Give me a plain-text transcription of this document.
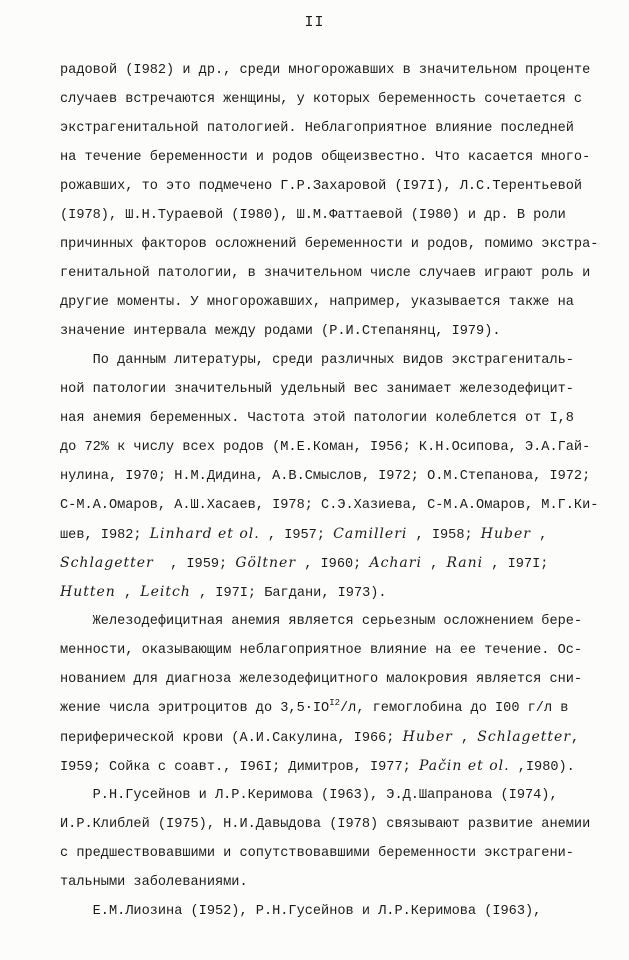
II
радовой (I982) и др., среди многорожавших в значительном проценте
случаев встречаются женщины, у которых беременность сочетается с
экстрагенитальной патологией. Неблагоприятное влияние последней
на течение беременности и родов общеизвестно. Что касается много-
рожавших, то это подмечено Г.Р.Захаровой (I97I), Л.С.Терентьевой
(I978), Ш.Н.Тураевой (I980), Ш.М.Фаттаевой (I980) и др. В роли
причинных факторов осложнений беременности и родов, помимо экстра-
генитальной патологии, в значительном числе случаев играют роль и
другие моменты. У многорожавших, например, указывается также на
значение интервала между родами (Р.И.Степанянц, I979).
По данным литературы, среди различных видов экстрагениталь-
ной патологии значительный удельный вес занимает железодефицит-
ная анемия беременных. Частота этой патологии колеблется от I,8
до 72% к числу всех родов (М.Е.Коман, I956; К.Н.Осипова, Э.А.Гай-
нулина, I970; Н.М.Дидина, А.В.Смыслов, I972; О.М.Степанова, I972;
С-М.А.Омаров, А.Ш.Хасаев, I978; С.Э.Хазиева, С-М.А.Омаров, М.Г.Ки-
шев, I982; Linhard et ol. , I957; Camilleri , I958; Huber ,
Schlagetter  , I959; Göltner , I960; Achari , Rani , I97I;
Hutten , Leitch , I97I; Багдани, I973).
Железодефицитная анемия является серьезным осложнением бере-
менности, оказывающим неблагоприятное влияние на ее течение. Ос-
нованием для диагноза железодефицитного малокровия является сни-
жение числа эритроцитов до $3,5\cdot IO^{I2}/л$, гемоглобина до I00 г/л в
периферической крови (А.И.Сакулина, I966; Huber , Schlagetter,
I959; Сойка с соавт., I96I; Димитров, I977; Pačin et ol. ,I980).
Р.Н.Гусейнов и Л.Р.Керимова (I963), Э.Д.Шапранова (I974),
И.Р.Клиблей (I975), Н.И.Давыдова (I978) связывают развитие анемии
с предшествовавшими и сопутствовавшими беременности экстрагени-
тальными заболеваниями.
Е.М.Лиозина (I952), Р.Н.Гусейнов и Л.Р.Керимова (I963),
